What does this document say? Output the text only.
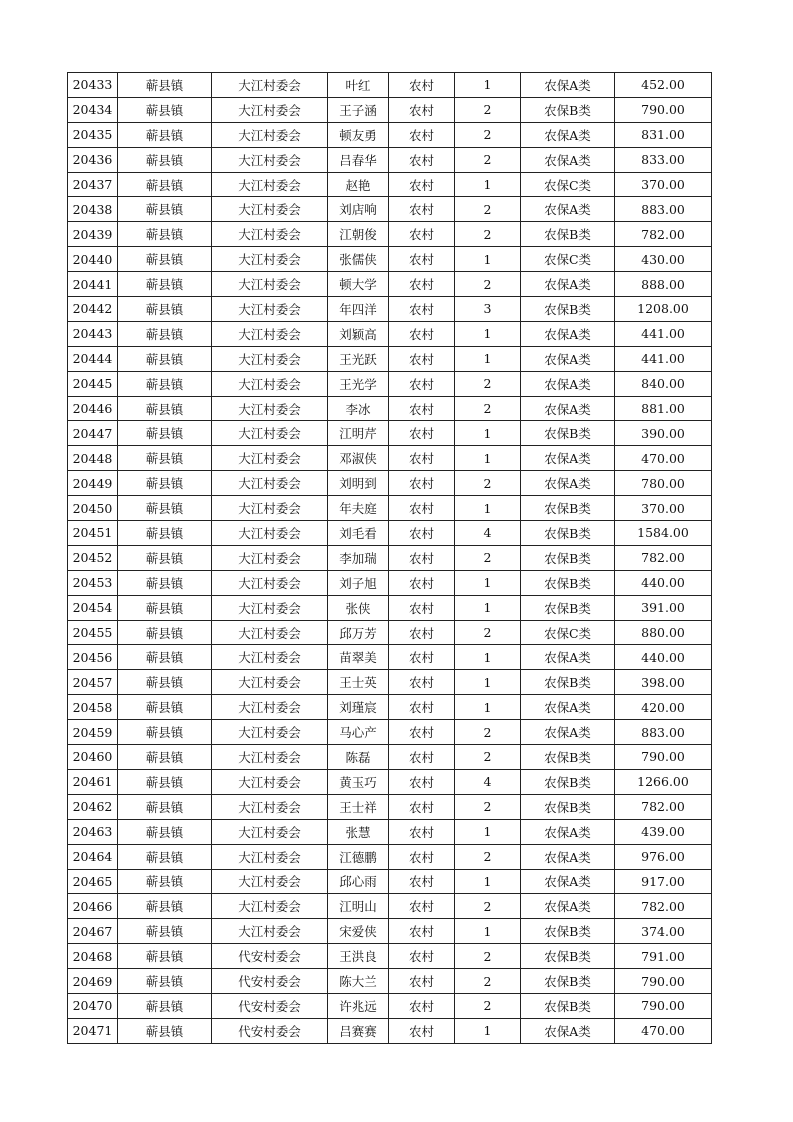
20433	蕲县镇	大江村委会	叶红	农村	1	农保A类	452.00
20434	蕲县镇	大江村委会	王子涵	农村	2	农保B类	790.00
20435	蕲县镇	大江村委会	顿友勇	农村	2	农保A类	831.00
20436	蕲县镇	大江村委会	吕春华	农村	2	农保A类	833.00
20437	蕲县镇	大江村委会	赵艳	农村	1	农保C类	370.00
20438	蕲县镇	大江村委会	刘店响	农村	2	农保A类	883.00
20439	蕲县镇	大江村委会	江朝俊	农村	2	农保B类	782.00
20440	蕲县镇	大江村委会	张儒侠	农村	1	农保C类	430.00
20441	蕲县镇	大江村委会	顿大学	农村	2	农保A类	888.00
20442	蕲县镇	大江村委会	年四洋	农村	3	农保B类	1208.00
20443	蕲县镇	大江村委会	刘颖高	农村	1	农保A类	441.00
20444	蕲县镇	大江村委会	王光跃	农村	1	农保A类	441.00
20445	蕲县镇	大江村委会	王光学	农村	2	农保A类	840.00
20446	蕲县镇	大江村委会	李冰	农村	2	农保A类	881.00
20447	蕲县镇	大江村委会	江明芹	农村	1	农保B类	390.00
20448	蕲县镇	大江村委会	邓淑侠	农村	1	农保A类	470.00
20449	蕲县镇	大江村委会	刘明到	农村	2	农保A类	780.00
20450	蕲县镇	大江村委会	年夫庭	农村	1	农保B类	370.00
20451	蕲县镇	大江村委会	刘毛看	农村	4	农保B类	1584.00
20452	蕲县镇	大江村委会	李加瑞	农村	2	农保B类	782.00
20453	蕲县镇	大江村委会	刘子旭	农村	1	农保B类	440.00
20454	蕲县镇	大江村委会	张侠	农村	1	农保B类	391.00
20455	蕲县镇	大江村委会	邱万芳	农村	2	农保C类	880.00
20456	蕲县镇	大江村委会	苗翠美	农村	1	农保A类	440.00
20457	蕲县镇	大江村委会	王士英	农村	1	农保B类	398.00
20458	蕲县镇	大江村委会	刘瑾宸	农村	1	农保A类	420.00
20459	蕲县镇	大江村委会	马心产	农村	2	农保A类	883.00
20460	蕲县镇	大江村委会	陈磊	农村	2	农保B类	790.00
20461	蕲县镇	大江村委会	黄玉巧	农村	4	农保B类	1266.00
20462	蕲县镇	大江村委会	王士祥	农村	2	农保B类	782.00
20463	蕲县镇	大江村委会	张慧	农村	1	农保A类	439.00
20464	蕲县镇	大江村委会	江德鹏	农村	2	农保A类	976.00
20465	蕲县镇	大江村委会	邱心雨	农村	1	农保A类	917.00
20466	蕲县镇	大江村委会	江明山	农村	2	农保A类	782.00
20467	蕲县镇	大江村委会	宋爱侠	农村	1	农保B类	374.00
20468	蕲县镇	代安村委会	王洪良	农村	2	农保B类	791.00
20469	蕲县镇	代安村委会	陈大兰	农村	2	农保B类	790.00
20470	蕲县镇	代安村委会	许兆远	农村	2	农保B类	790.00
20471	蕲县镇	代安村委会	吕赛赛	农村	1	农保A类	470.00
